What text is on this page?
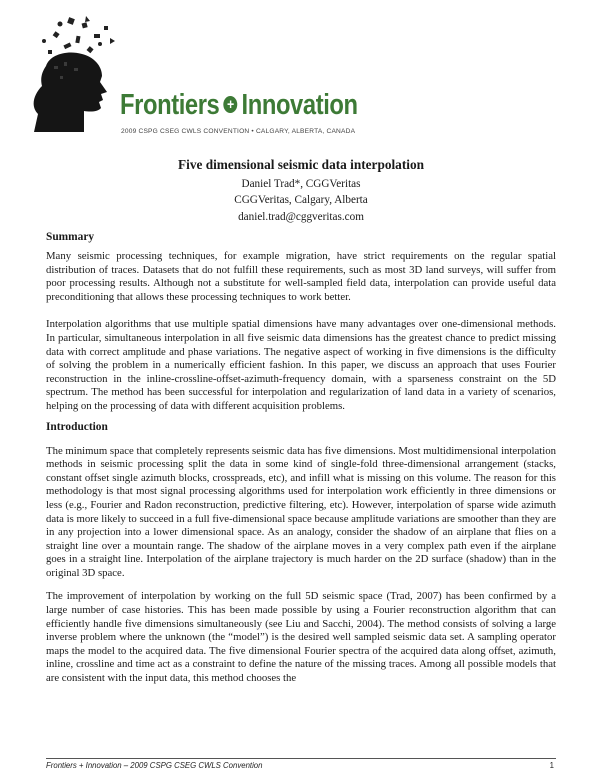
Frontiers + Innovation
2009 CSPG CSEG CWLS CONVENTION • CALGARY, ALBERTA, CANADA
Five dimensional seismic data interpolation
Daniel Trad*, CGGVeritas
CGGVeritas, Calgary, Alberta
daniel.trad@cggveritas.com
Summary

Many seismic processing techniques, for example migration, have strict requirements on the regular spatial distribution of traces. Datasets that do not fulfill these requirements, such as most 3D land surveys, will suffer from poor processing results. Although not a substitute for well-sampled field data, interpolation can provide useful data preconditioning that allows these processing techniques to work better.

Interpolation algorithms that use multiple spatial dimensions have many advantages over one-dimensional methods. In particular, simultaneous interpolation in all five seismic data dimensions has the greatest chance to predict missing data with correct amplitude and phase variations. The negative aspect of working in five dimensions is the difficulty of solving the problem in a numerically efficient fashion. In this paper, we discuss an approach that uses Fourier reconstruction in the inline-crossline-offset-azimuth-frequency domain, with a sparseness constraint on the 5D spectrum. The method has been successful for interpolation and regularization of land data in a variety of scenarios, helping on the processing of data with different acquisition problems.

Introduction

The minimum space that completely represents seismic data has five dimensions. Most multidimensional interpolation methods in seismic processing split the data in some kind of single-fold three-dimensional arrangement (stacks, constant offset single azimuth blocks, crosspreads, etc), and infill what is missing on this volume. The reason for this methodology is that most signal processing algorithms used for interpolation work efficiently in three dimensions or less (e.g., Fourier and Radon reconstruction, predictive filtering, etc). However, interpolation of sparse wide azimuth data is more likely to succeed in a full five-dimensional space because amplitude variations are smoother than they are in any projection into a lower dimensional space. As an analogy, consider the shadow of an airplane that flies on a straight line over a mountain range. The shadow of the airplane moves in a very complex path even if the airplane goes in a straight line. Interpolation of the airplane trajectory is much harder on the 2D surface (shadow) than in the original 3D space.

The improvement of interpolation by working on the full 5D seismic space (Trad, 2007) has been confirmed by a large number of case histories. This has been made possible by using a Fourier reconstruction algorithm that can efficiently handle five dimensions simultaneously (see Liu and Sacchi, 2004). The method consists of solving a large inverse problem where the unknown (the “model”) is the desired well sampled seismic data set. A sampling operator maps the model to the acquired data. The five dimensional Fourier spectra of the acquired data along offset, azimuth, inline, crossline and time act as a constraint to define the nature of the missing traces. Among all possible models that are consistent with the input data, this method chooses the

Frontiers + Innovation – 2009 CSPG CSEG CWLS Convention	1
